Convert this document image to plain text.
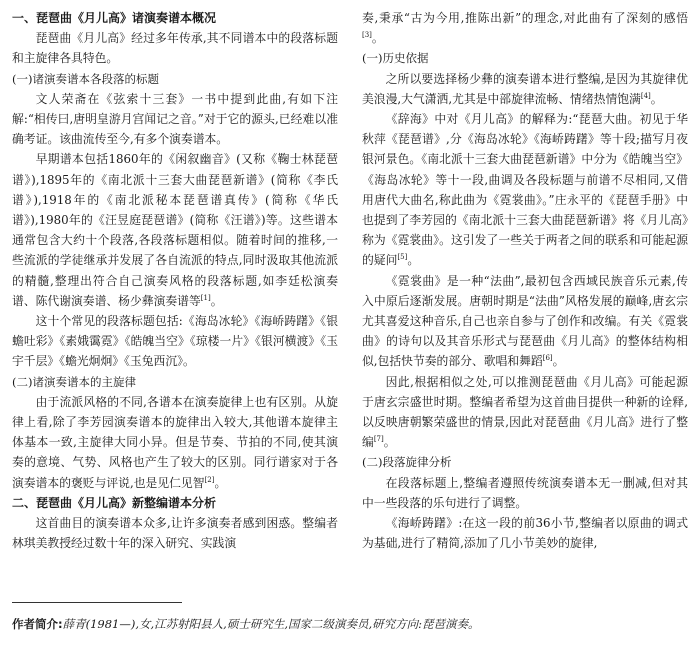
一、琵琶曲《月儿高》诸演奏谱本概况

琵琶曲《月儿高》经过多年传承,其不同谱本中的段落标题和主旋律各具特色。

(一)诸演奏谱本各段落的标题

文人荣斋在《弦索十三套》一书中提到此曲,有如下注解:“相传曰,唐明皇游月宫闻记之音。”对于它的源头,已经难以准确考证。该曲流传至今,有多个演奏谱本。

早期谱本包括1860年的《闲叙幽音》(又称《鞠士林琵琶谱》),1895年的《南北派十三套大曲琵琶新谱》(简称《李氏谱》),1918年的《南北派秘本琵琶谱真传》(简称《华氏谱》),1980年的《汪昱庭琵琶谱》(简称《汪谱》)等。这些谱本通常包含大约十个段落,各段落标题相似。随着时间的推移,一些流派的学徒继承并发展了各自流派的特点,同时汲取其他流派的精髓,整理出符合自己演奏风格的段落标题,如李廷松演奏谱、陈代谢演奏谱、杨少彝演奏谱等[1]。

这十个常见的段落标题包括:《海岛冰轮》《海峤踌躇》《银蟾吐彩》《素娥霭霓》《皓魄当空》《琼楼一片》《银河横渡》《玉宇千层》《蟾光炯炯》《玉兔西沉》。

(二)诸演奏谱本的主旋律

由于流派风格的不同,各谱本在演奏旋律上也有区别。从旋律上看,除了李芳园演奏谱本的旋律出入较大,其他谱本旋律主体基本一致,主旋律大同小异。但是节奏、节拍的不同,使其演奏的意境、气势、风格也产生了较大的区别。同行谱家对于各演奏谱本的褒贬与评说,也是见仁见智[2]。

二、琵琶曲《月儿高》新整编谱本分析

这首曲目的演奏谱本众多,让许多演奏者感到困惑。整编者林琪美教授经过数十年的深入研究、实践演

奏,秉承“古为今用,推陈出新”的理念,对此曲有了深刻的感悟[3]。

(一)历史依据

之所以要选择杨少彝的演奏谱本进行整编,是因为其旋律优美浪漫,大气潇洒,尤其是中部旋律流畅、情绪热情饱满[4]。

《辞海》中对《月儿高》的解释为:“琵琶大曲。初见于华秋萍《琵琶谱》,分《海岛冰轮》《海峤踌躇》等十段;描写月夜银河景色。《南北派十三套大曲琵琶新谱》中分为《皓魄当空》《海岛冰轮》等十一段,曲调及各段标题与前谱不尽相同,又借用唐代大曲名,称此曲为《霓裳曲》。”庄永平的《琵琶手册》中也提到了李芳园的《南北派十三套大曲琵琶新谱》将《月儿高》称为《霓裳曲》。这引发了一些关于两者之间的联系和可能起源的疑问[5]。

《霓裳曲》是一种“法曲”,最初包含西域民族音乐元素,传入中原后逐渐发展。唐朝时期是“法曲”风格发展的巅峰,唐玄宗尤其喜爱这种音乐,自己也亲自参与了创作和改编。有关《霓裳曲》的诗句以及其音乐形式与琵琶曲《月儿高》的整体结构相似,包括快节奏的部分、歌唱和舞蹈[6]。

因此,根据相似之处,可以推测琵琶曲《月儿高》可能起源于唐玄宗盛世时期。整编者希望为这首曲目提供一种新的诠释,以反映唐朝繁荣盛世的情景,因此对琵琶曲《月儿高》进行了整编[7]。

(二)段落旋律分析

在段落标题上,整编者遵照传统演奏谱本无一删减,但对其中一些段落的乐句进行了调整。

《海峤踌躇》:在这一段的前36小节,整编者以原曲的调式为基础,进行了精简,添加了几小节美妙的旋律,

作者简介:薛青(1981—),女,江苏射阳县人,硕士研究生,国家二级演奏员,研究方向:琵琶演奏。
